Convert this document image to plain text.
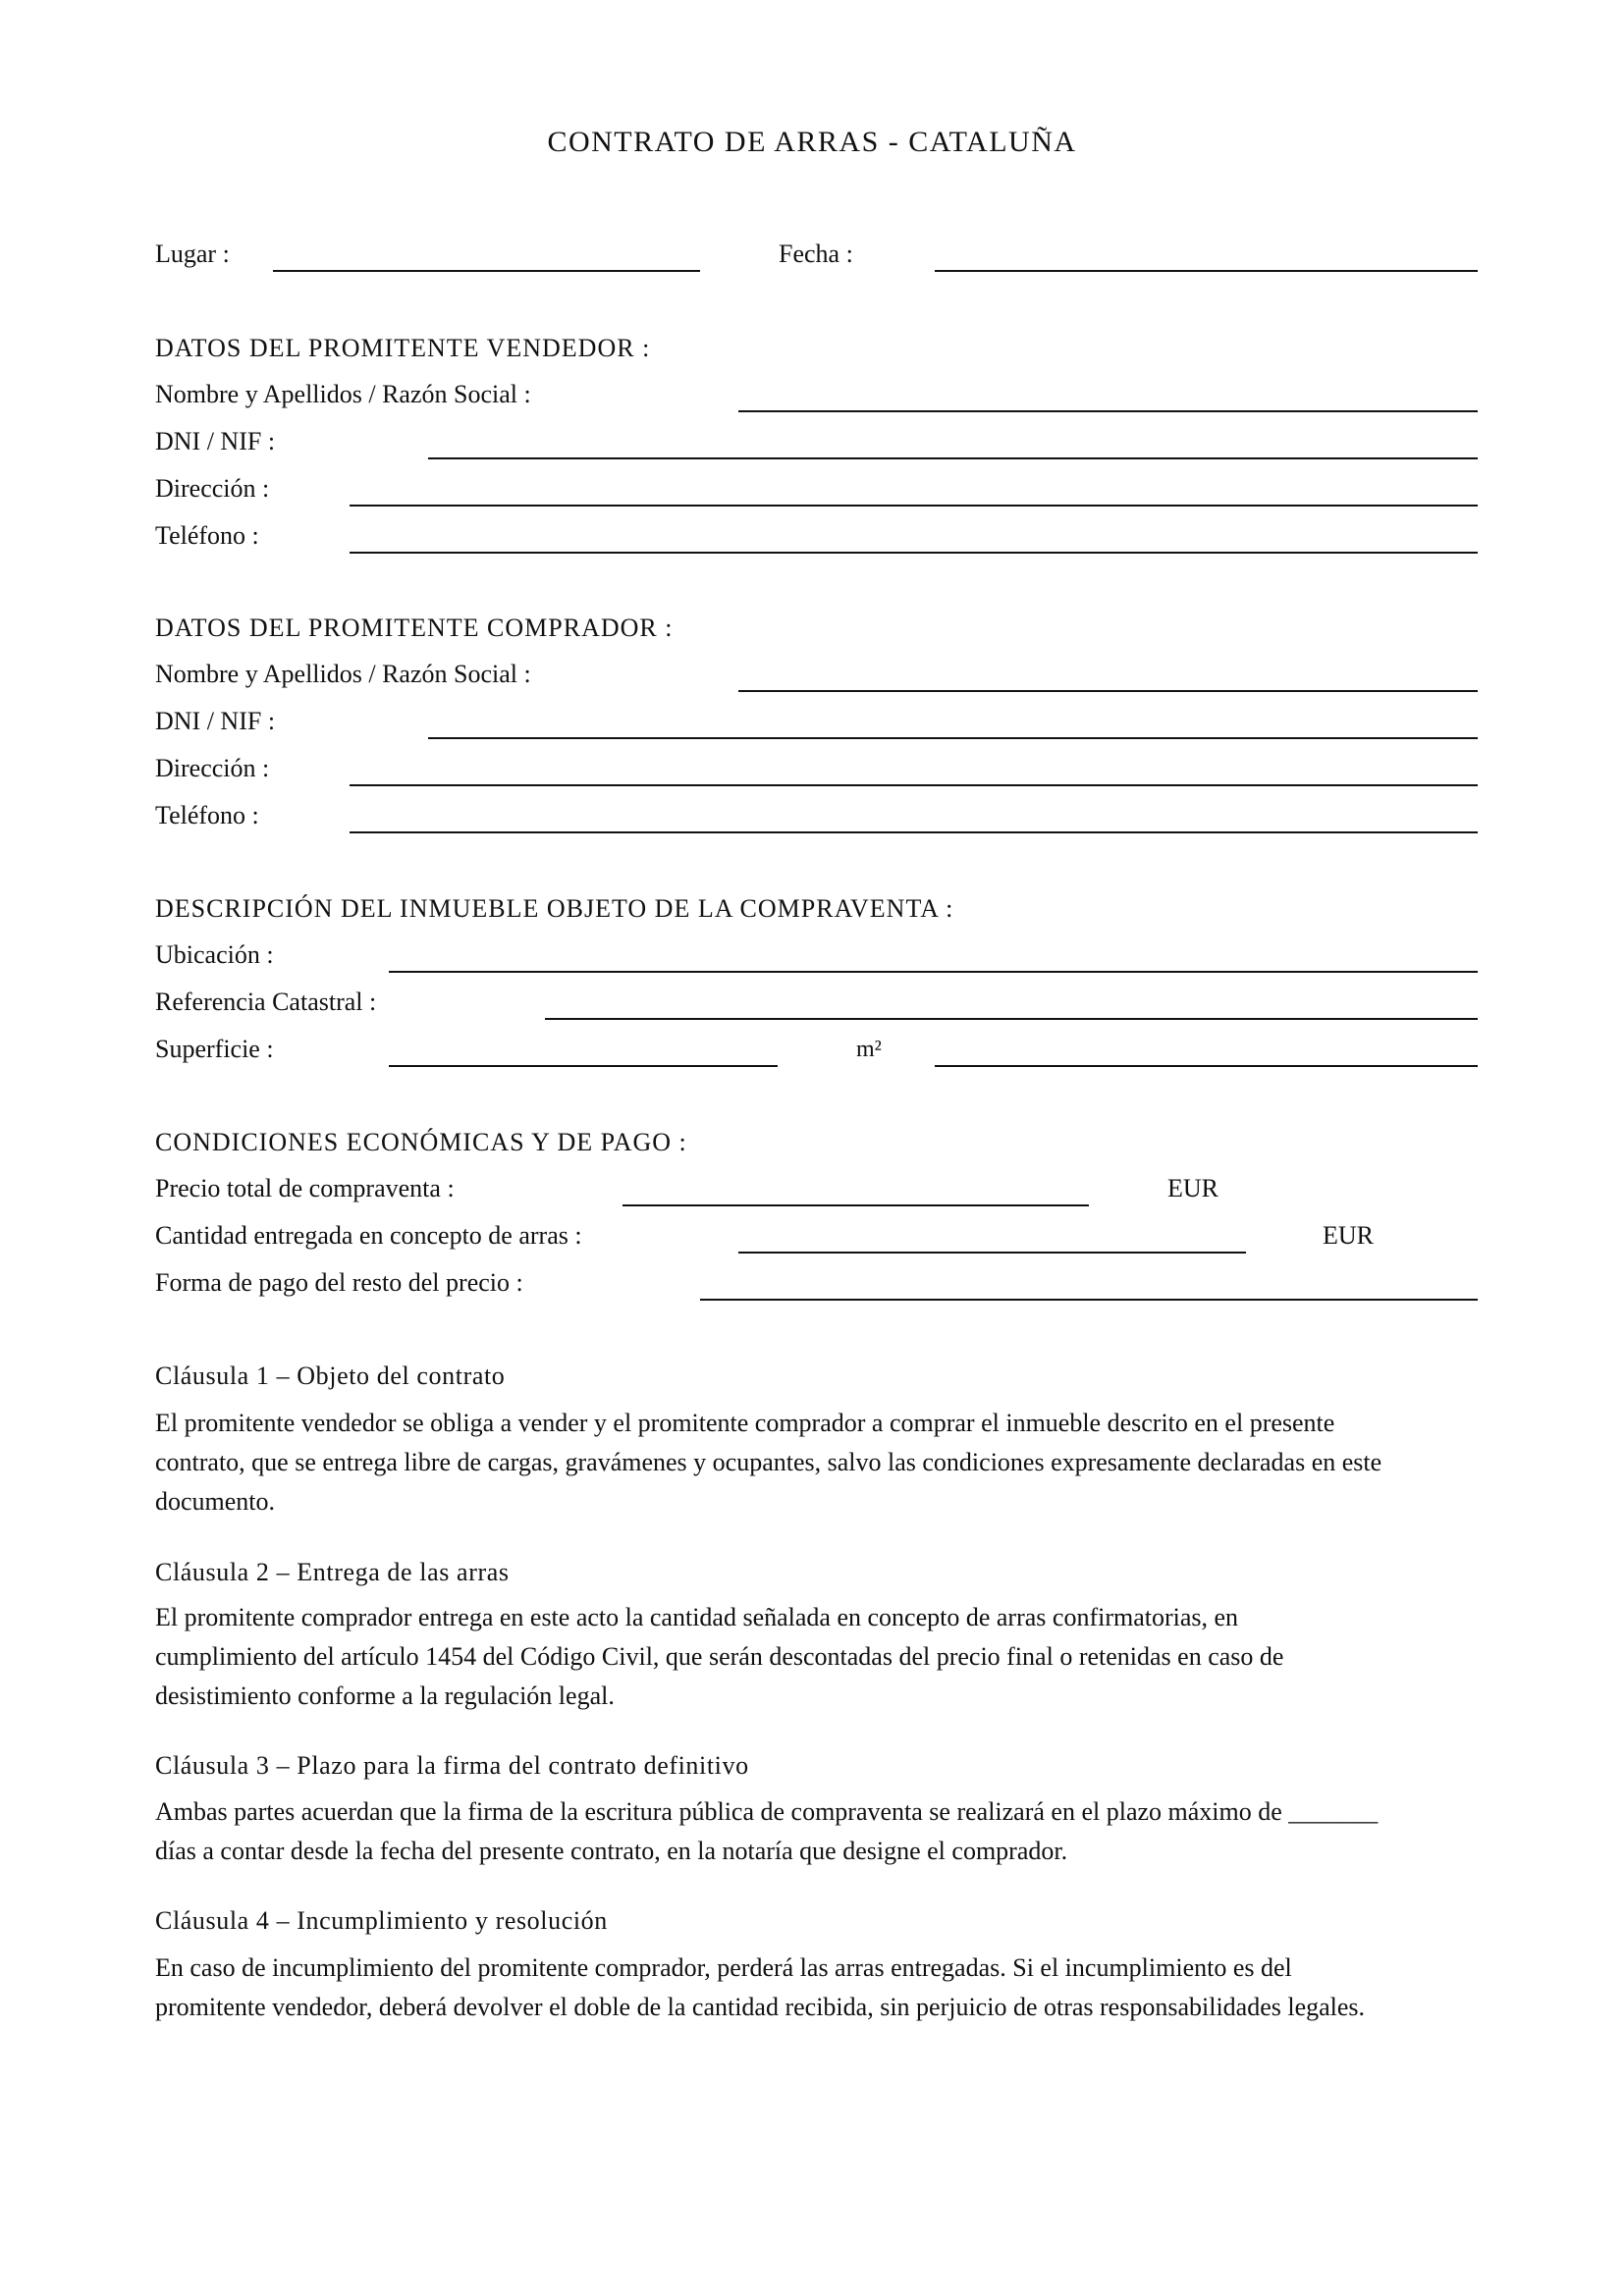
CONTRATO DE ARRAS - CATALUÑA
Lugar :	Fecha :
DATOS DEL PROMITENTE VENDEDOR :
Nombre y Apellidos / Razón Social :
DNI / NIF :
Dirección :
Teléfono :
DATOS DEL PROMITENTE COMPRADOR :
Nombre y Apellidos / Razón Social :
DNI / NIF :
Dirección :
Teléfono :
DESCRIPCIÓN DEL INMUEBLE OBJETO DE LA COMPRAVENTA :
Ubicación :
Referencia Catastral :
Superficie :	m²
CONDICIONES ECONÓMICAS Y DE PAGO :
Precio total de compraventa :	EUR
Cantidad entregada en concepto de arras :	EUR
Forma de pago del resto del precio :
Cláusula 1 – Objeto del contrato
El promitente vendedor se obliga a vender y el promitente comprador a comprar el inmueble descrito en el presente
contrato, que se entrega libre de cargas, gravámenes y ocupantes, salvo las condiciones expresamente declaradas en este
documento.
Cláusula 2 – Entrega de las arras
El promitente comprador entrega en este acto la cantidad señalada en concepto de arras confirmatorias, en
cumplimiento del artículo 1454 del Código Civil, que serán descontadas del precio final o retenidas en caso de
desistimiento conforme a la regulación legal.
Cláusula 3 – Plazo para la firma del contrato definitivo
Ambas partes acuerdan que la firma de la escritura pública de compraventa se realizará en el plazo máximo de _______
días a contar desde la fecha del presente contrato, en la notaría que designe el comprador.
Cláusula 4 – Incumplimiento y resolución
En caso de incumplimiento del promitente comprador, perderá las arras entregadas. Si el incumplimiento es del
promitente vendedor, deberá devolver el doble de la cantidad recibida, sin perjuicio de otras responsabilidades legales.
